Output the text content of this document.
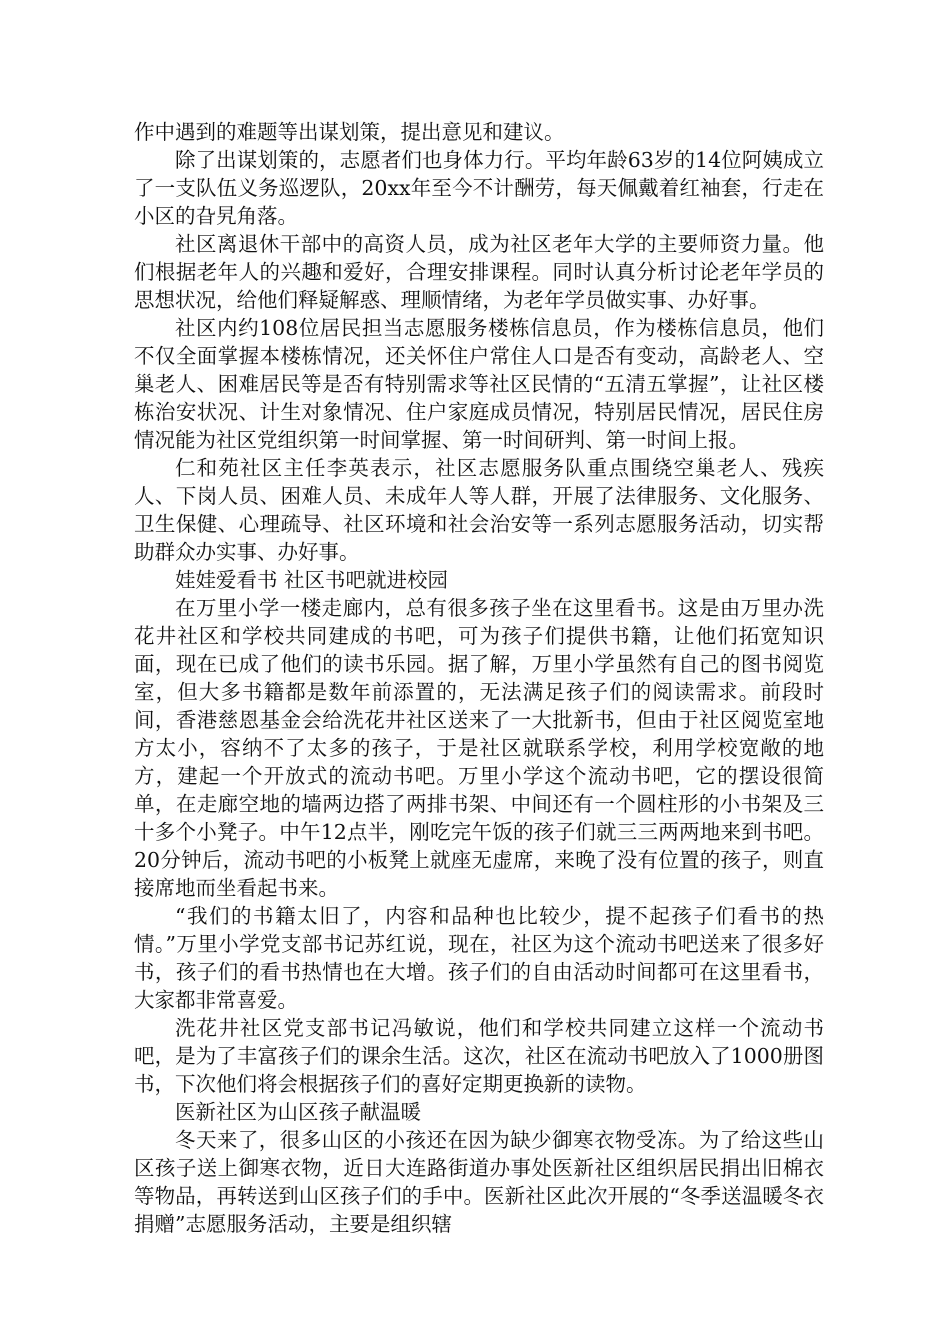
作中遇到的难题等出谋划策，提出意见和建议。

除了出谋划策的，志愿者们也身体力行。平均年龄63岁的14位阿姨成立了一支队伍义务巡逻队，20xx年至今不计酬劳，每天佩戴着红袖套，行走在小区的旮旯角落。

社区离退休干部中的高资人员，成为社区老年大学的主要师资力量。他们根据老年人的兴趣和爱好，合理安排课程。同时认真分析讨论老年学员的思想状况，给他们释疑解惑、理顺情绪，为老年学员做实事、办好事。

社区内约108位居民担当志愿服务楼栋信息员，作为楼栋信息员，他们不仅全面掌握本楼栋情况，还关怀住户常住人口是否有变动，高龄老人、空巢老人、困难居民等是否有特别需求等社区民情的“五清五掌握”，让社区楼栋治安状况、计生对象情况、住户家庭成员情况，特别居民情况，居民住房情况能为社区党组织第一时间掌握、第一时间研判、第一时间上报。

仁和苑社区主任李英表示，社区志愿服务队重点围绕空巢老人、残疾人、下岗人员、困难人员、未成年人等人群，开展了法律服务、文化服务、卫生保健、心理疏导、社区环境和社会治安等一系列志愿服务活动，切实帮助群众办实事、办好事。

娃娃爱看书 社区书吧就进校园

在万里小学一楼走廊内，总有很多孩子坐在这里看书。这是由万里办洗花井社区和学校共同建成的书吧，可为孩子们提供书籍，让他们拓宽知识面，现在已成了他们的读书乐园。据了解，万里小学虽然有自己的图书阅览室，但大多书籍都是数年前添置的，无法满足孩子们的阅读需求。前段时间，香港慈恩基金会给洗花井社区送来了一大批新书，但由于社区阅览室地方太小，容纳不了太多的孩子，于是社区就联系学校，利用学校宽敞的地方，建起一个开放式的流动书吧。万里小学这个流动书吧，它的摆设很简单，在走廊空地的墙两边搭了两排书架、中间还有一个圆柱形的小书架及三十多个小凳子。中午12点半，刚吃完午饭的孩子们就三三两两地来到书吧。20分钟后，流动书吧的小板凳上就座无虚席，来晚了没有位置的孩子，则直接席地而坐看起书来。

“我们的书籍太旧了，内容和品种也比较少，提不起孩子们看书的热情。”万里小学党支部书记苏红说，现在，社区为这个流动书吧送来了很多好书，孩子们的看书热情也在大增。孩子们的自由活动时间都可在这里看书，大家都非常喜爱。

洗花井社区党支部书记冯敏说，他们和学校共同建立这样一个流动书吧，是为了丰富孩子们的课余生活。这次，社区在流动书吧放入了1000册图书，下次他们将会根据孩子们的喜好定期更换新的读物。

医新社区为山区孩子献温暖

冬天来了，很多山区的小孩还在因为缺少御寒衣物受冻。为了给这些山区孩子送上御寒衣物，近日大连路街道办事处医新社区组织居民捐出旧棉衣等物品，再转送到山区孩子们的手中。医新社区此次开展的“冬季送温暖冬衣捐赠”志愿服务活动，主要是组织辖
